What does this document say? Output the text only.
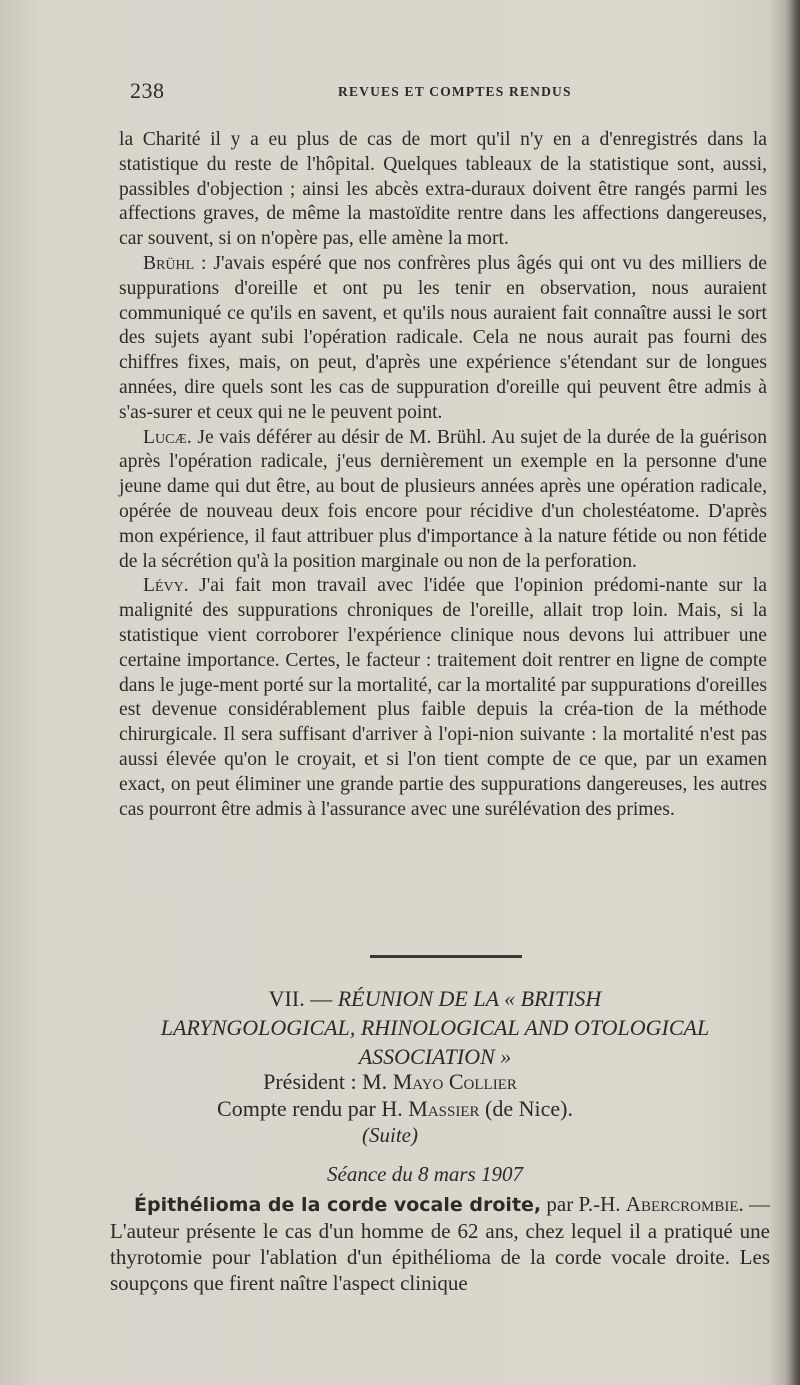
238	REVUES ET COMPTES RENDUS

la Charité il y a eu plus de cas de mort qu'il n'y en a d'enregistrés dans la statistique du reste de l'hôpital. Quelques tableaux de la statistique sont, aussi, passibles d'objection ; ainsi les abcès extra-duraux doivent être rangés parmi les affections graves, de même la mastoïdite rentre dans les affections dangereuses, car souvent, si on n'opère pas, elle amène la mort.

Brühl : J'avais espéré que nos confrères plus âgés qui ont vu des milliers de suppurations d'oreille et ont pu les tenir en observation, nous auraient communiqué ce qu'ils en savent, et qu'ils nous auraient fait connaître aussi le sort des sujets ayant subi l'opération radicale. Cela ne nous aurait pas fourni des chiffres fixes, mais, on peut, d'après une expérience s'étendant sur de longues années, dire quels sont les cas de suppuration d'oreille qui peuvent être admis à s'as-surer et ceux qui ne le peuvent point.

Lucæ. Je vais déférer au désir de M. Brühl. Au sujet de la durée de la guérison après l'opération radicale, j'eus dernièrement un exemple en la personne d'une jeune dame qui dut être, au bout de plusieurs années après une opération radicale, opérée de nouveau deux fois encore pour récidive d'un cholestéatome. D'après mon expérience, il faut attribuer plus d'importance à la nature fétide ou non fétide de la sécrétion qu'à la position marginale ou non de la perforation.

Lévy. J'ai fait mon travail avec l'idée que l'opinion prédomi-nante sur la malignité des suppurations chroniques de l'oreille, allait trop loin. Mais, si la statistique vient corroborer l'expérience clinique nous devons lui attribuer une certaine importance. Certes, le facteur : traitement doit rentrer en ligne de compte dans le juge-ment porté sur la mortalité, car la mortalité par suppurations d'oreilles est devenue considérablement plus faible depuis la créa-tion de la méthode chirurgicale. Il sera suffisant d'arriver à l'opi-nion suivante : la mortalité n'est pas aussi élevée qu'on le croyait, et si l'on tient compte de ce que, par un examen exact, on peut éliminer une grande partie des suppurations dangereuses, les autres cas pourront être admis à l'assurance avec une surélévation des primes.

VII. — RÉUNION DE LA « BRITISH
LARYNGOLOGICAL, RHINOLOGICAL AND OTOLOGICAL
ASSOCIATION »
Président : M. Mayo Collier
Compte rendu par H. Massier (de Nice).
(Suite)
Séance du 8 mars 1907

Épithélioma de la corde vocale droite, par P.-H. Abercrombie. — L'auteur présente le cas d'un homme de 62 ans, chez lequel il a pratiqué une thyrotomie pour l'ablation d'un épithélioma de la corde vocale droite. Les soupçons que firent naître l'aspect clinique
